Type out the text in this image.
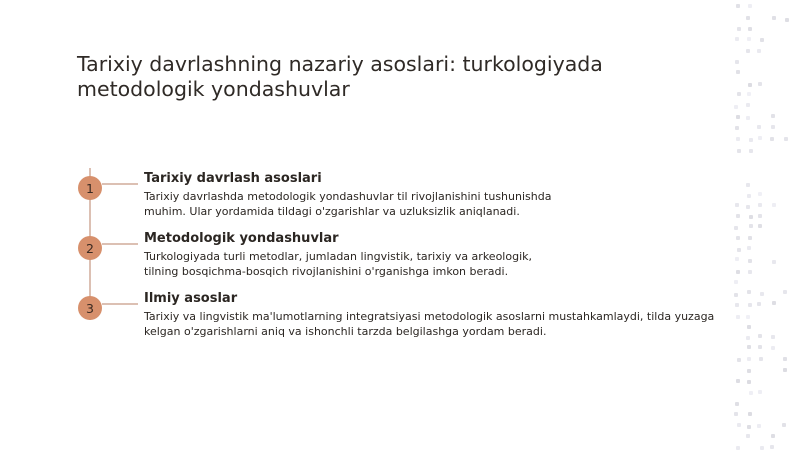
Tarixiy davrlashning nazariy asoslari: turkologiyada metodologik yondashuvlar
1
Tarixiy davrlash asoslari

Tarixiy davrlashda metodologik yondashuvlar til rivojlanishini tushunishda muhim. Ular yordamida tildagi o'zgarishlar va uzluksizlik aniqlanadi.

2
Metodologik yondashuvlar

Turkologiyada turli metodlar, jumladan lingvistik, tarixiy va arkeologik, tilning bosqichma-bosqich rivojlanishini o'rganishga imkon beradi.

3
Ilmiy asoslar

Tarixiy va lingvistik ma'lumotlarning integratsiyasi metodologik asoslarni mustahkamlaydi, tilda yuzaga kelgan o'zgarishlarni aniq va ishonchli tarzda belgilashga yordam beradi.
